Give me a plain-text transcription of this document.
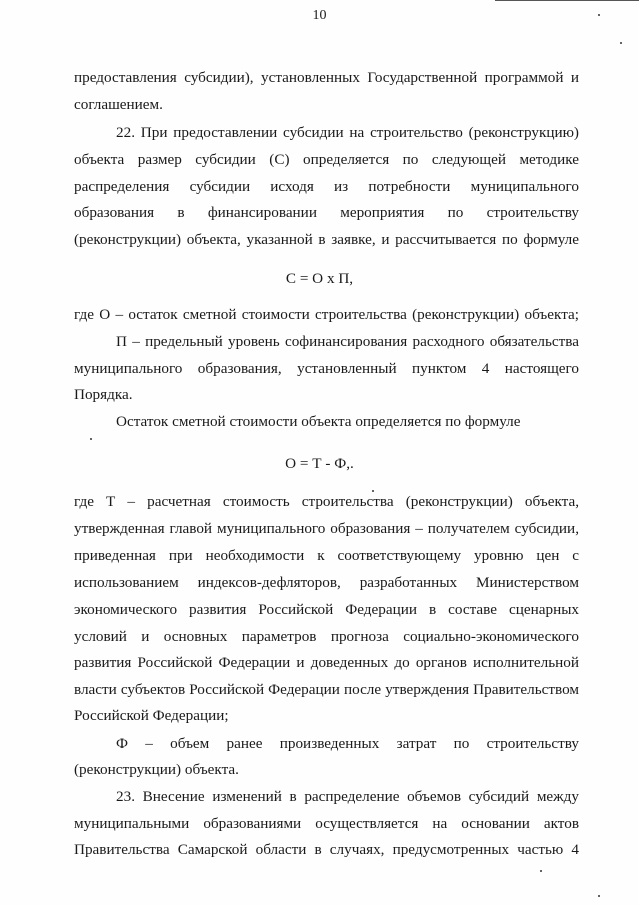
10
предоставления субсидии), установленных Государственной программой и
соглашением.
22. При предоставлении субсидии на строительство (реконструкцию)
объекта размер субсидии (С) определяется по следующей методике
распределения субсидии исходя из потребности муниципального
образования в финансировании мероприятия по строительству
(реконструкции) объекта, указанной в заявке, и рассчитывается по формуле
С = О х П,
где О – остаток сметной стоимости строительства (реконструкции) объекта;
П – предельный уровень софинансирования расходного обязательства
муниципального образования, установленный пунктом 4 настоящего
Порядка.
Остаток сметной стоимости объекта определяется по формуле
О = Т - Ф,.
где Т – расчетная стоимость строительства (реконструкции) объекта,
утвержденная главой муниципального образования – получателем субсидии,
приведенная при необходимости к соответствующему уровню цен с
использованием индексов-дефляторов, разработанных Министерством
экономического развития Российской Федерации в составе сценарных
условий и основных параметров прогноза социально-экономического
развития Российской Федерации и доведенных до органов исполнительной
власти субъектов Российской Федерации после утверждения Правительством
Российской Федерации;
Ф – объем ранее произведенных затрат по строительству
(реконструкции) объекта.
23. Внесение изменений в распределение объемов субсидий между
муниципальными образованиями осуществляется на основании актов
Правительства Самарской области в случаях, предусмотренных частью 4
